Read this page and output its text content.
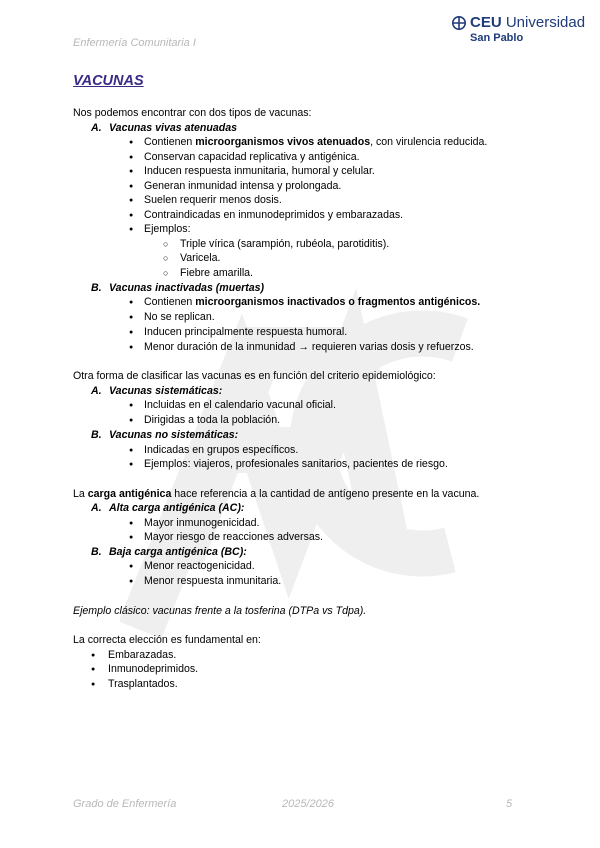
Enfermería Comunitaria I
CEU Universidad
San Pablo
VACUNAS
Nos podemos encontrar con dos tipos de vacunas:
A. Vacunas vivas atenuadas
● Contienen microorganismos vivos atenuados, con virulencia reducida.
● Conservan capacidad replicativa y antigénica.
● Inducen respuesta inmunitaria, humoral y celular.
● Generan inmunidad intensa y prolongada.
● Suelen requerir menos dosis.
● Contraindicadas en inmunodeprimidos y embarazadas.
● Ejemplos:
○ Triple vírica (sarampión, rubéola, parotiditis).
○ Varicela.
○ Fiebre amarilla.
B. Vacunas inactivadas (muertas)
● Contienen microorganismos inactivados o fragmentos antigénicos.
● No se replican.
● Inducen principalmente respuesta humoral.
● Menor duración de la inmunidad → requieren varias dosis y refuerzos.
Otra forma de clasificar las vacunas es en función del criterio epidemiológico:
A. Vacunas sistemáticas:
● Incluidas en el calendario vacunal oficial.
● Dirigidas a toda la población.
B. Vacunas no sistemáticas:
● Indicadas en grupos específicos.
● Ejemplos: viajeros, profesionales sanitarios, pacientes de riesgo.
La carga antigénica hace referencia a la cantidad de antígeno presente en la vacuna.
A. Alta carga antigénica (AC):
● Mayor inmunogenicidad.
● Mayor riesgo de reacciones adversas.
B. Baja carga antigénica (BC):
● Menor reactogenicidad.
● Menor respuesta inmunitaria.
Ejemplo clásico: vacunas frente a la tosferina (DTPa vs Tdpa).
La correcta elección es fundamental en:
● Embarazadas.
● Inmunodeprimidos.
● Trasplantados.
Grado de Enfermería	2025/2026	5
